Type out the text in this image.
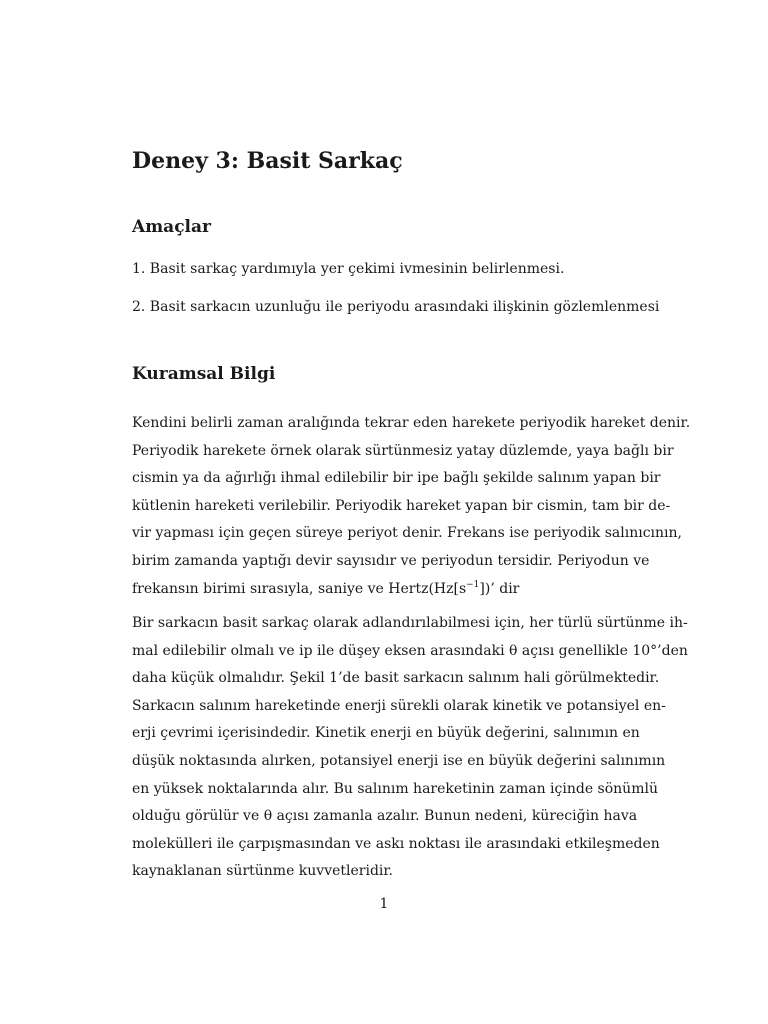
Deney 3: Basit Sarkaç
Amaçlar

1. Basit sarkaç yardımıyla yer çekimi ivmesinin belirlenmesi.

2. Basit sarkacın uzunluğu ile periyodu arasındaki ilişkinin gözlemlenmesi

Kuramsal Bilgi
Kendini belirli zaman aralığında tekrar eden harekete periyodik hareket denir.
Periyodik harekete örnek olarak sürtünmesiz yatay düzlemde, yaya bağlı bir
cismin ya da ağırlığı ihmal edilebilir bir ipe bağlı şekilde salınım yapan bir
kütlenin hareketi verilebilir. Periyodik hareket yapan bir cismin, tam bir de-
vir yapması için geçen süreye periyot denir. Frekans ise periyodik salınıcının,
birim zamanda yaptığı devir sayısıdır ve periyodun tersidir. Periyodun ve
frekansın birimi sırasıyla, saniye ve $Hertz(Hz[s^{-1}])$’ dir
Bir sarkacın basit sarkaç olarak adlandırılabilmesi için, her türlü sürtünme ih-
mal edilebilir olmalı ve ip ile düşey eksen arasındaki θ açısı genellikle 10°’den
daha küçük olmalıdır. Şekil 1’de basit sarkacın salınım hali görülmektedir.
Sarkacın salınım hareketinde enerji sürekli olarak kinetik ve potansiyel en-
erji çevrimi içerisindedir. Kinetik enerji en büyük değerini, salınımın en
düşük noktasında alırken, potansiyel enerji ise en büyük değerini salınımın
en yüksek noktalarında alır. Bu salınım hareketinin zaman içinde sönümlü
olduğu görülür ve θ açısı zamanla azalır. Bunun nedeni, küreciğin hava
molekülleri ile çarpışmasından ve askı noktası ile arasındaki etkileşmeden
kaynaklanan sürtünme kuvvetleridir.

1
